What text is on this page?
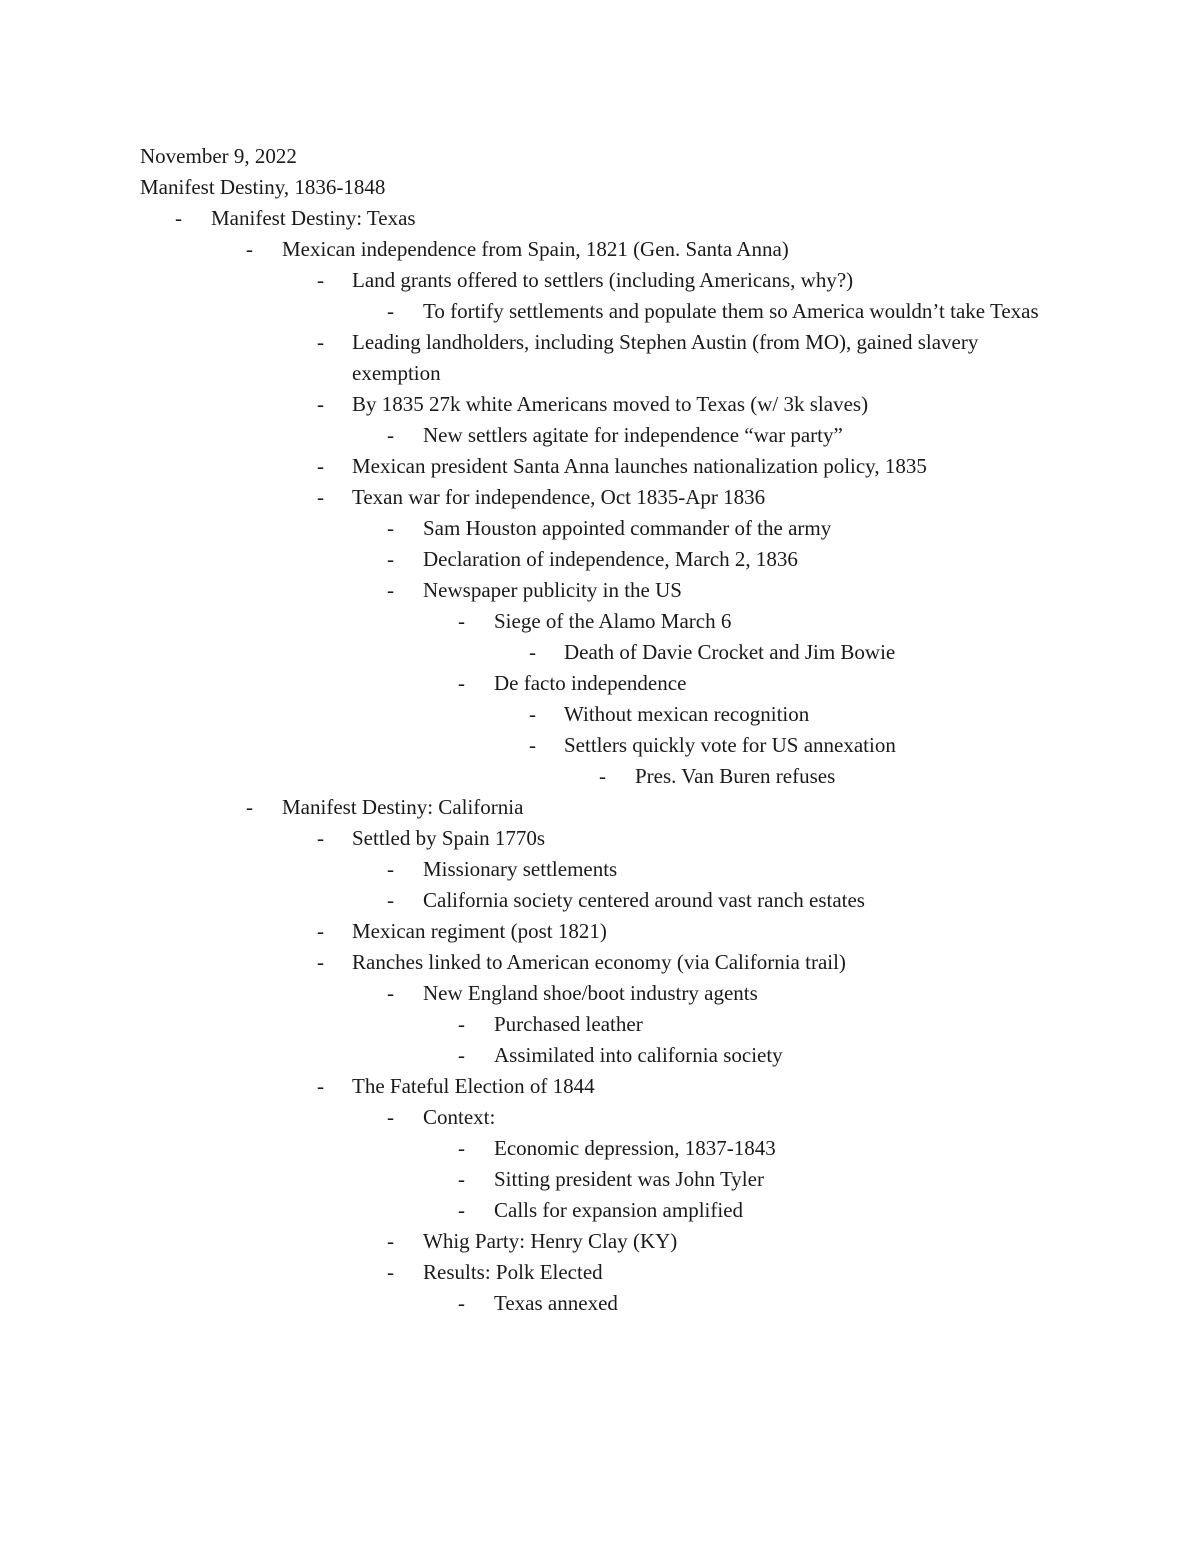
November 9, 2022
Manifest Destiny, 1836-1848
-	Manifest Destiny: Texas
-	Mexican independence from Spain, 1821 (Gen. Santa Anna)
-	Land grants offered to settlers (including Americans, why?)
-	To fortify settlements and populate them so America wouldn’t take Texas
-	Leading landholders, including Stephen Austin (from MO), gained slavery exemption
-	By 1835 27k white Americans moved to Texas (w/ 3k slaves)
-	New settlers agitate for independence “war party”
-	Mexican president Santa Anna launches nationalization policy, 1835
-	Texan war for independence, Oct 1835-Apr 1836
-	Sam Houston appointed commander of the army
-	Declaration of independence, March 2, 1836
-	Newspaper publicity in the US
-	Siege of the Alamo March 6
-	Death of Davie Crocket and Jim Bowie
-	De facto independence
-	Without mexican recognition
-	Settlers quickly vote for US annexation
-	Pres. Van Buren refuses
-	Manifest Destiny: California
-	Settled by Spain 1770s
-	Missionary settlements
-	California society centered around vast ranch estates
-	Mexican regiment (post 1821)
-	Ranches linked to American economy (via California trail)
-	New England shoe/boot industry agents
-	Purchased leather
-	Assimilated into california society
-	The Fateful Election of 1844
-	Context:
-	Economic depression, 1837-1843
-	Sitting president was John Tyler
-	Calls for expansion amplified
-	Whig Party: Henry Clay (KY)
-	Results: Polk Elected
-	Texas annexed
